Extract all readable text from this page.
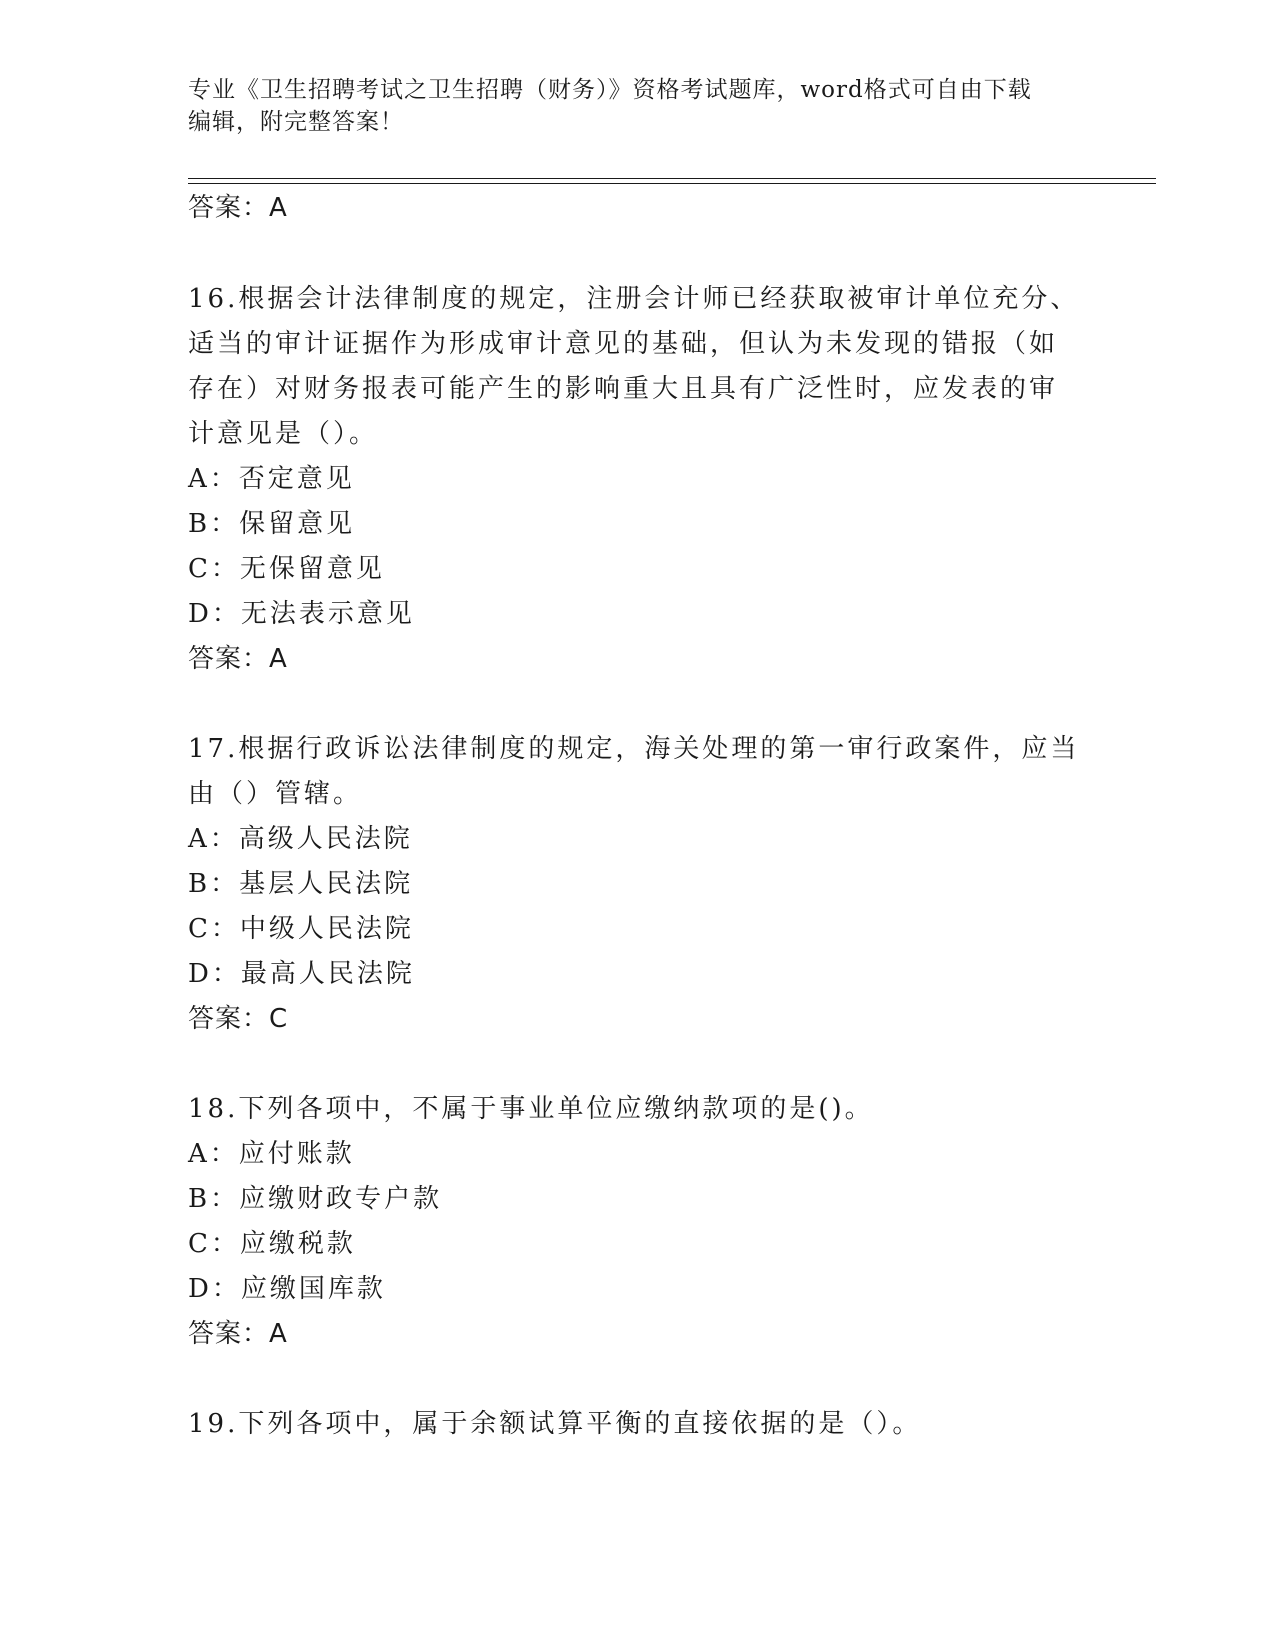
专业《卫生招聘考试之卫生招聘（财务）》资格考试题库，word格式可自由下载
编辑，附完整答案！
答案：A
16.根据会计法律制度的规定，注册会计师已经获取被审计单位充分、
适当的审计证据作为形成审计意见的基础，但认为未发现的错报（如
存在）对财务报表可能产生的影响重大且具有广泛性时，应发表的审
计意见是（）。
A：否定意见
B：保留意见
C：无保留意见
D：无法表示意见
答案：A
17.根据行政诉讼法律制度的规定，海关处理的第一审行政案件，应当
由（）管辖。
A：高级人民法院
B：基层人民法院
C：中级人民法院
D：最高人民法院
答案：C
18.下列各项中，不属于事业单位应缴纳款项的是()。
A：应付账款
B：应缴财政专户款
C：应缴税款
D：应缴国库款
答案：A
19.下列各项中，属于余额试算平衡的直接依据的是（）。
